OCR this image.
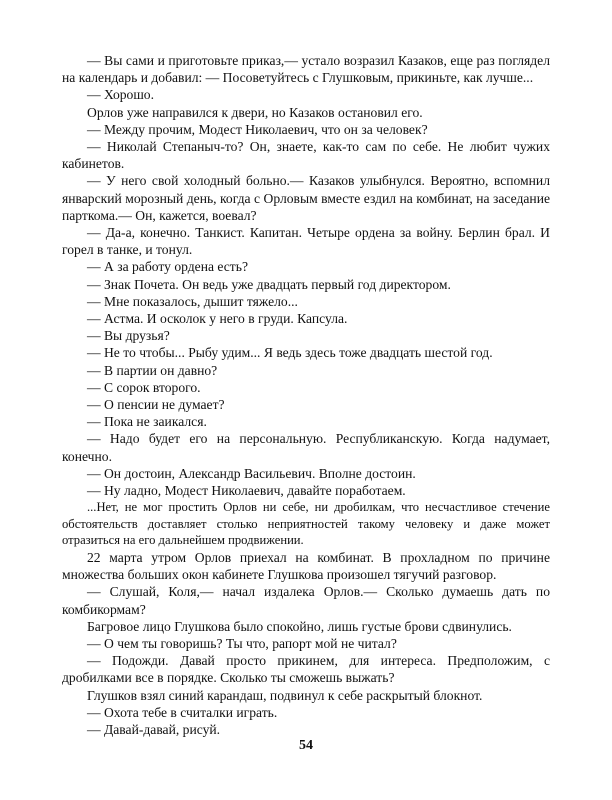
— Вы сами и приготовьте приказ,— устало возразил Казаков, еще раз поглядел на календарь и добавил: — Посоветуйтесь с Глушковым, прикиньте, как лучше...

— Хорошо.

Орлов уже направился к двери, но Казаков остановил его.

— Между прочим, Модест Николаевич, что он за человек?

— Николай Степаныч-то? Он, знаете, как-то сам по себе. Не любит чужих кабинетов.

— У него свой холодный больно.— Казаков улыбнулся. Вероятно, вспомнил январский морозный день, когда с Орловым вместе ездил на комбинат, на заседание парткома.— Он, кажется, воевал?

— Да-а, конечно. Танкист. Капитан. Четыре ордена за войну. Берлин брал. И горел в танке, и тонул.

— А за работу ордена есть?

— Знак Почета. Он ведь уже двадцать первый год директором.

— Мне показалось, дышит тяжело...

— Астма. И осколок у него в груди. Капсула.

— Вы друзья?

— Не то чтобы... Рыбу удим... Я ведь здесь тоже двадцать шестой год.

— В партии он давно?

— С сорок второго.

— О пенсии не думает?

— Пока не заикался.

— Надо будет его на персональную. Республиканскую. Когда надумает, конечно.

— Он достоин, Александр Васильевич. Вполне достоин.

— Ну ладно, Модест Николаевич, давайте поработаем.

...Нет, не мог простить Орлов ни себе, ни дробилкам, что несчастливое стечение обстоятельств доставляет столько неприятностей такому человеку и даже может отразиться на его дальнейшем продвижении.

22 марта утром Орлов приехал на комбинат. В прохладном по причине множества больших окон кабинете Глушкова произошел тягучий разговор.

— Слушай, Коля,— начал издалека Орлов.— Сколько думаешь дать по комбикормам?

Багровое лицо Глушкова было спокойно, лишь густые брови сдвинулись.

— О чем ты говоришь? Ты что, рапорт мой не читал?

— Подожди. Давай просто прикинем, для интереса. Предположим, с дробилками все в порядке. Сколько ты сможешь выжать?

Глушков взял синий карандаш, подвинул к себе раскрытый блокнот.

— Охота тебе в считалки играть.

— Давай-давай, рисуй.

54
